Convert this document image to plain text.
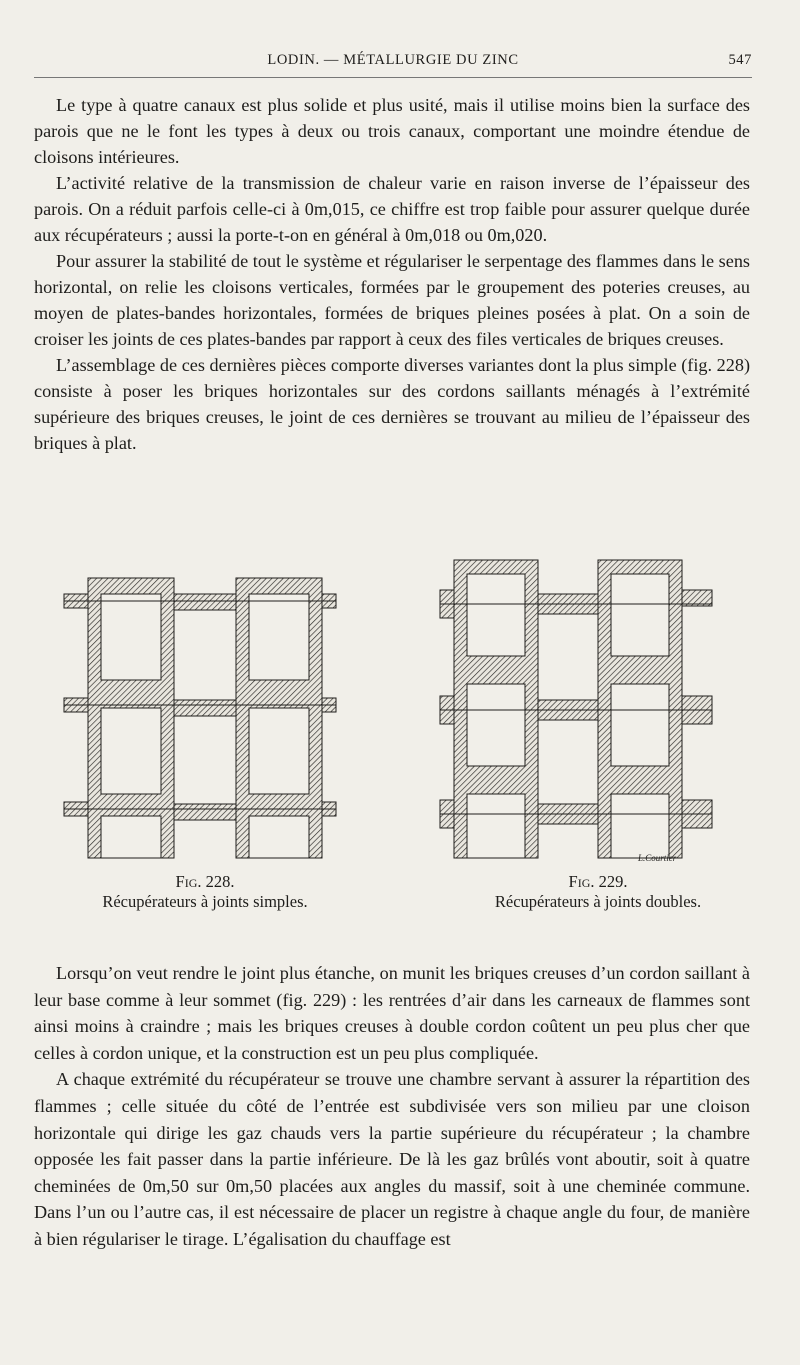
LODIN. — MÉTALLURGIE DU ZINC	547

Le type à quatre canaux est plus solide et plus usité, mais il utilise moins bien la surface des parois que ne le font les types à deux ou trois canaux, comportant une moindre étendue de cloisons intérieures.

L’activité relative de la transmission de chaleur varie en raison inverse de l’épaisseur des parois. On a réduit parfois celle-ci à 0m,015, ce chiffre est trop faible pour assurer quelque durée aux récupérateurs ; aussi la porte-t-on en général à 0m,018 ou 0m,020.

Pour assurer la stabilité de tout le système et régulariser le serpentage des flammes dans le sens horizontal, on relie les cloisons verticales, formées par le groupement des poteries creuses, au moyen de plates-bandes horizontales, formées de briques pleines posées à plat. On a soin de croiser les joints de ces plates-bandes par rapport à ceux des files verticales de briques creuses.

L’assemblage de ces dernières pièces comporte diverses variantes dont la plus simple (fig. 228) consiste à poser les briques horizontales sur des cordons saillants ménagés à l’extrémité supérieure des briques creuses, le joint de ces dernières se trouvant au milieu de l’épaisseur des briques à plat.

L.Courtier
Fig. 228.
Récupérateurs à joints simples.
Fig. 229.
Récupérateurs à joints doubles.

Lorsqu’on veut rendre le joint plus étanche, on munit les briques creuses d’un cordon saillant à leur base comme à leur sommet (fig. 229) : les rentrées d’air dans les carneaux de flammes sont ainsi moins à craindre ; mais les briques creuses à double cordon coûtent un peu plus cher que celles à cordon unique, et la construction est un peu plus compliquée.

A chaque extrémité du récupérateur se trouve une chambre servant à assurer la répartition des flammes ; celle située du côté de l’entrée est subdivisée vers son milieu par une cloison horizontale qui dirige les gaz chauds vers la partie supérieure du récupérateur ; la chambre opposée les fait passer dans la partie inférieure. De là les gaz brûlés vont aboutir, soit à quatre cheminées de 0m,50 sur 0m,50 placées aux angles du massif, soit à une cheminée commune. Dans l’un ou l’autre cas, il est nécessaire de placer un registre à chaque angle du four, de manière à bien régulariser le tirage. L’égalisation du chauffage est
